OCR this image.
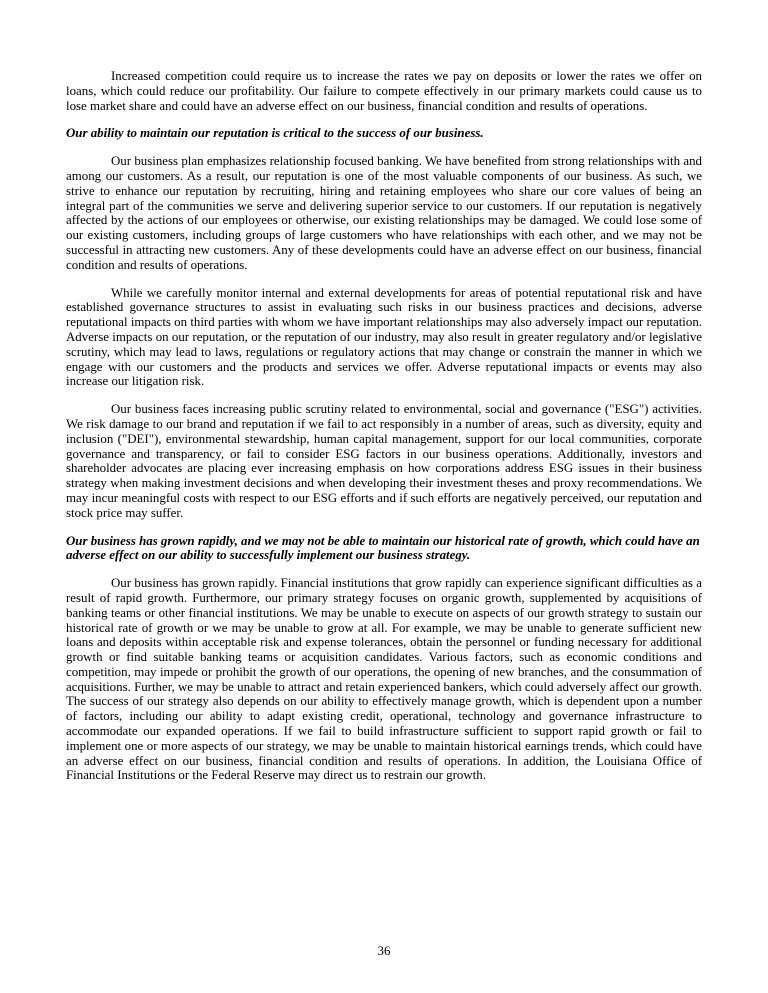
Increased competition could require us to increase the rates we pay on deposits or lower the rates we offer on loans, which could reduce our profitability. Our failure to compete effectively in our primary markets could cause us to lose market share and could have an adverse effect on our business, financial condition and results of operations.
Our ability to maintain our reputation is critical to the success of our business.
Our business plan emphasizes relationship focused banking. We have benefited from strong relationships with and among our customers. As a result, our reputation is one of the most valuable components of our business. As such, we strive to enhance our reputation by recruiting, hiring and retaining employees who share our core values of being an integral part of the communities we serve and delivering superior service to our customers. If our reputation is negatively affected by the actions of our employees or otherwise, our existing relationships may be damaged. We could lose some of our existing customers, including groups of large customers who have relationships with each other, and we may not be successful in attracting new customers. Any of these developments could have an adverse effect on our business, financial condition and results of operations.
While we carefully monitor internal and external developments for areas of potential reputational risk and have established governance structures to assist in evaluating such risks in our business practices and decisions, adverse reputational impacts on third parties with whom we have important relationships may also adversely impact our reputation. Adverse impacts on our reputation, or the reputation of our industry, may also result in greater regulatory and/or legislative scrutiny, which may lead to laws, regulations or regulatory actions that may change or constrain the manner in which we engage with our customers and the products and services we offer. Adverse reputational impacts or events may also increase our litigation risk.
Our business faces increasing public scrutiny related to environmental, social and governance ("ESG") activities. We risk damage to our brand and reputation if we fail to act responsibly in a number of areas, such as diversity, equity and inclusion ("DEI"), environmental stewardship, human capital management, support for our local communities, corporate governance and transparency, or fail to consider ESG factors in our business operations. Additionally, investors and shareholder advocates are placing ever increasing emphasis on how corporations address ESG issues in their business strategy when making investment decisions and when developing their investment theses and proxy recommendations. We may incur meaningful costs with respect to our ESG efforts and if such efforts are negatively perceived, our reputation and stock price may suffer.
Our business has grown rapidly, and we may not be able to maintain our historical rate of growth, which could have an adverse effect on our ability to successfully implement our business strategy.
Our business has grown rapidly. Financial institutions that grow rapidly can experience significant difficulties as a result of rapid growth. Furthermore, our primary strategy focuses on organic growth, supplemented by acquisitions of banking teams or other financial institutions. We may be unable to execute on aspects of our growth strategy to sustain our historical rate of growth or we may be unable to grow at all. For example, we may be unable to generate sufficient new loans and deposits within acceptable risk and expense tolerances, obtain the personnel or funding necessary for additional growth or find suitable banking teams or acquisition candidates. Various factors, such as economic conditions and competition, may impede or prohibit the growth of our operations, the opening of new branches, and the consummation of acquisitions. Further, we may be unable to attract and retain experienced bankers, which could adversely affect our growth. The success of our strategy also depends on our ability to effectively manage growth, which is dependent upon a number of factors, including our ability to adapt existing credit, operational, technology and governance infrastructure to accommodate our expanded operations. If we fail to build infrastructure sufficient to support rapid growth or fail to implement one or more aspects of our strategy, we may be unable to maintain historical earnings trends, which could have an adverse effect on our business, financial condition and results of operations. In addition, the Louisiana Office of Financial Institutions or the Federal Reserve may direct us to restrain our growth.
36
